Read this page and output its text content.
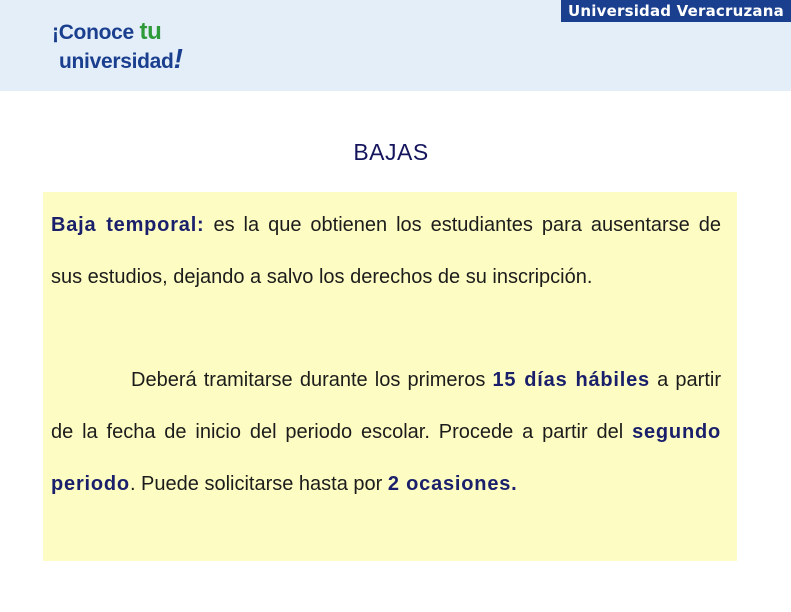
¡Conoce tu
universidad!
Universidad Veracruzana
BAJAS
Baja temporal: es la que obtienen los estudiantes para ausentarse de sus estudios, dejando a salvo los derechos de su inscripción.
Deberá tramitarse durante los primeros 15 días hábiles a partir de la fecha de inicio del periodo escolar. Procede a partir del segundo periodo. Puede solicitarse hasta por 2 ocasiones.
